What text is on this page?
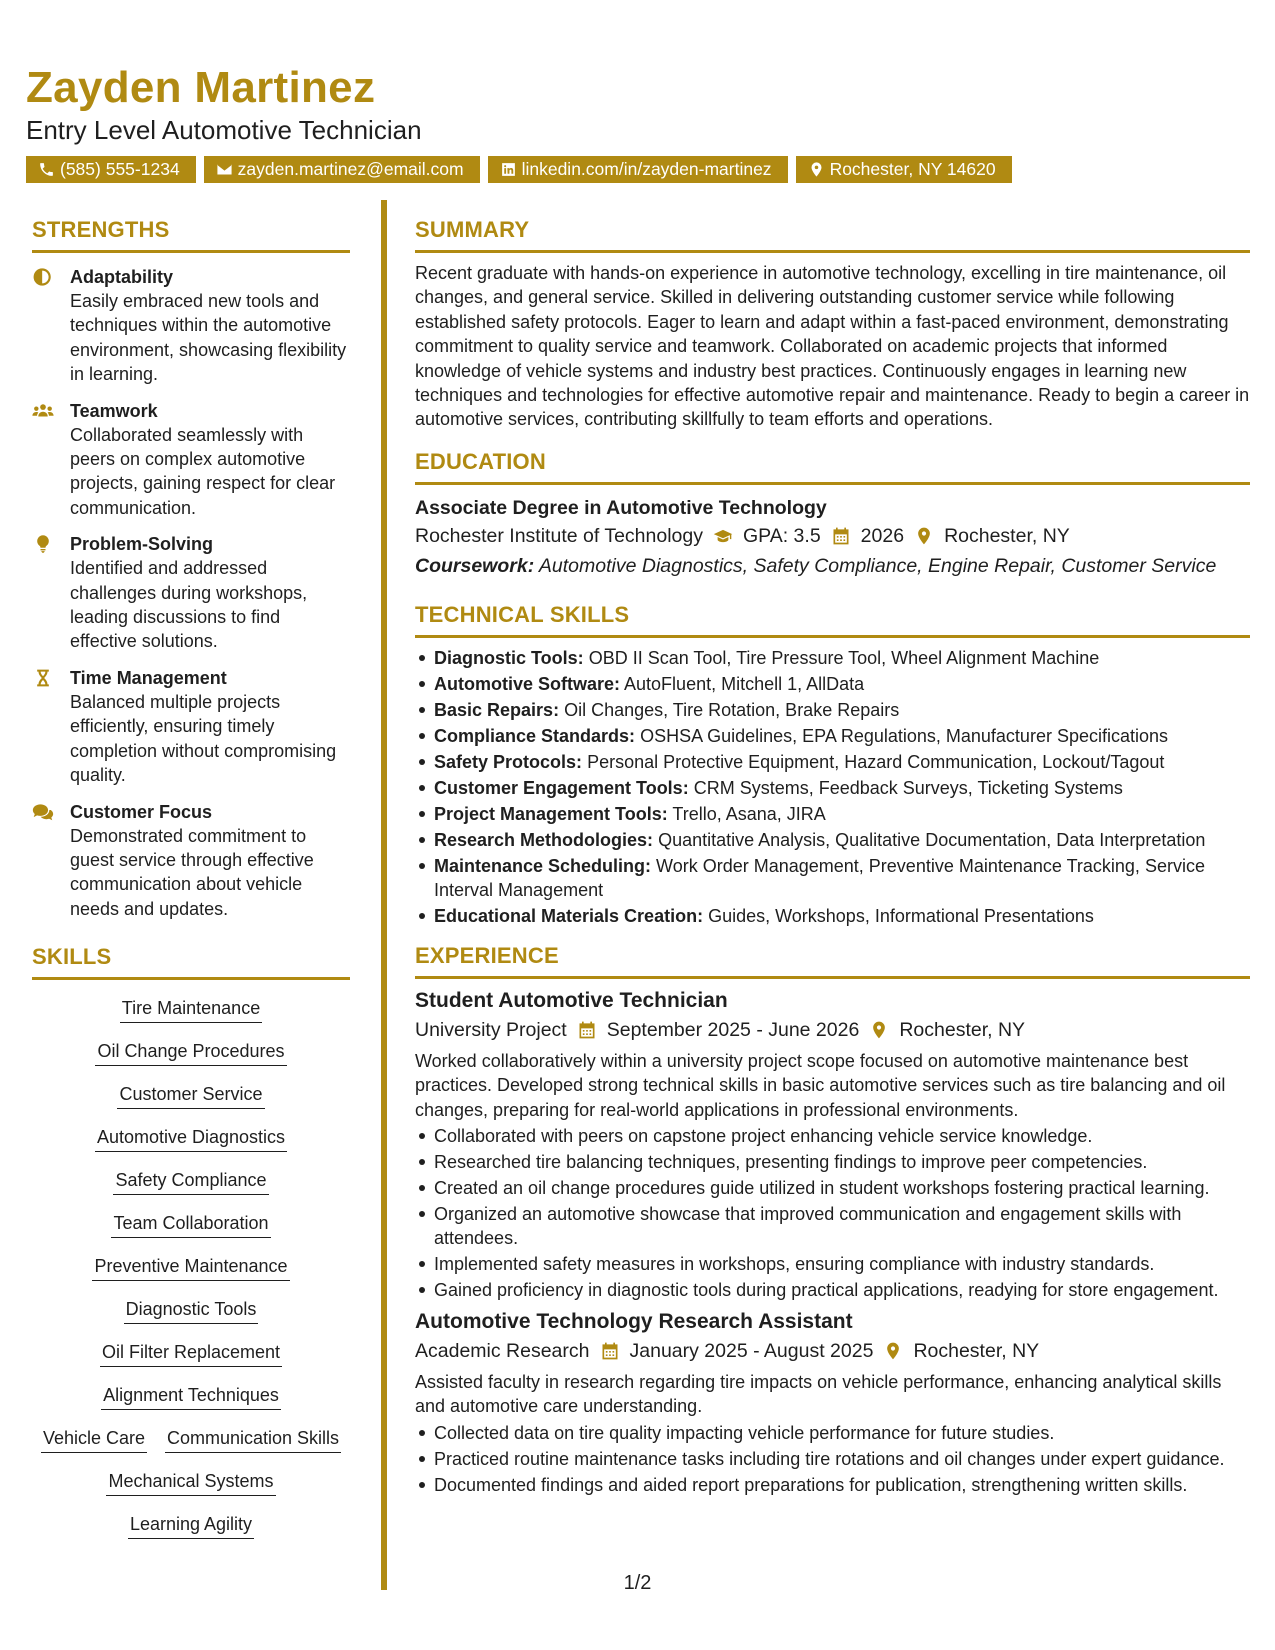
Zayden Martinez
Entry Level Automotive Technician
(585) 555-1234	zayden.martinez@email.com	linkedin.com/in/zayden-martinez	Rochester, NY 14620
STRENGTHS
Adaptability
Easily embraced new tools and techniques within the automotive environment, showcasing flexibility in learning.
Teamwork
Collaborated seamlessly with peers on complex automotive projects, gaining respect for clear communication.
Problem-Solving
Identified and addressed challenges during workshops, leading discussions to find effective solutions.
Time Management
Balanced multiple projects efficiently, ensuring timely completion without compromising quality.
Customer Focus
Demonstrated commitment to guest service through effective communication about vehicle needs and updates.
SKILLS
Tire Maintenance
Oil Change Procedures
Customer Service
Automotive Diagnostics
Safety Compliance
Team Collaboration
Preventive Maintenance
Diagnostic Tools
Oil Filter Replacement
Alignment Techniques
Vehicle Care Communication Skills
Mechanical Systems
Learning Agility
SUMMARY
Recent graduate with hands-on experience in automotive technology, excelling in tire maintenance, oil changes, and general service. Skilled in delivering outstanding customer service while following established safety protocols. Eager to learn and adapt within a fast-paced environment, demonstrating commitment to quality service and teamwork. Collaborated on academic projects that informed knowledge of vehicle systems and industry best practices. Continuously engages in learning new techniques and technologies for effective automotive repair and maintenance. Ready to begin a career in automotive services, contributing skillfully to team efforts and operations.
EDUCATION
Associate Degree in Automotive Technology
Rochester Institute of Technology GPA: 3.5 2026 Rochester, NY
Coursework: Automotive Diagnostics, Safety Compliance, Engine Repair, Customer Service
TECHNICAL SKILLS
Diagnostic Tools: OBD II Scan Tool, Tire Pressure Tool, Wheel Alignment Machine
Automotive Software: AutoFluent, Mitchell 1, AllData
Basic Repairs: Oil Changes, Tire Rotation, Brake Repairs
Compliance Standards: OSHSA Guidelines, EPA Regulations, Manufacturer Specifications
Safety Protocols: Personal Protective Equipment, Hazard Communication, Lockout/Tagout
Customer Engagement Tools: CRM Systems, Feedback Surveys, Ticketing Systems
Project Management Tools: Trello, Asana, JIRA
Research Methodologies: Quantitative Analysis, Qualitative Documentation, Data Interpretation
Maintenance Scheduling: Work Order Management, Preventive Maintenance Tracking, Service Interval Management
Educational Materials Creation: Guides, Workshops, Informational Presentations
EXPERIENCE
Student Automotive Technician
University Project September 2025 - June 2026 Rochester, NY
Worked collaboratively within a university project scope focused on automotive maintenance best practices. Developed strong technical skills in basic automotive services such as tire balancing and oil changes, preparing for real-world applications in professional environments.
Collaborated with peers on capstone project enhancing vehicle service knowledge.
Researched tire balancing techniques, presenting findings to improve peer competencies.
Created an oil change procedures guide utilized in student workshops fostering practical learning.
Organized an automotive showcase that improved communication and engagement skills with attendees.
Implemented safety measures in workshops, ensuring compliance with industry standards.
Gained proficiency in diagnostic tools during practical applications, readying for store engagement.
Automotive Technology Research Assistant
Academic Research January 2025 - August 2025 Rochester, NY
Assisted faculty in research regarding tire impacts on vehicle performance, enhancing analytical skills and automotive care understanding.
Collected data on tire quality impacting vehicle performance for future studies.
Practiced routine maintenance tasks including tire rotations and oil changes under expert guidance.
Documented findings and aided report preparations for publication, strengthening written skills.
1/2
